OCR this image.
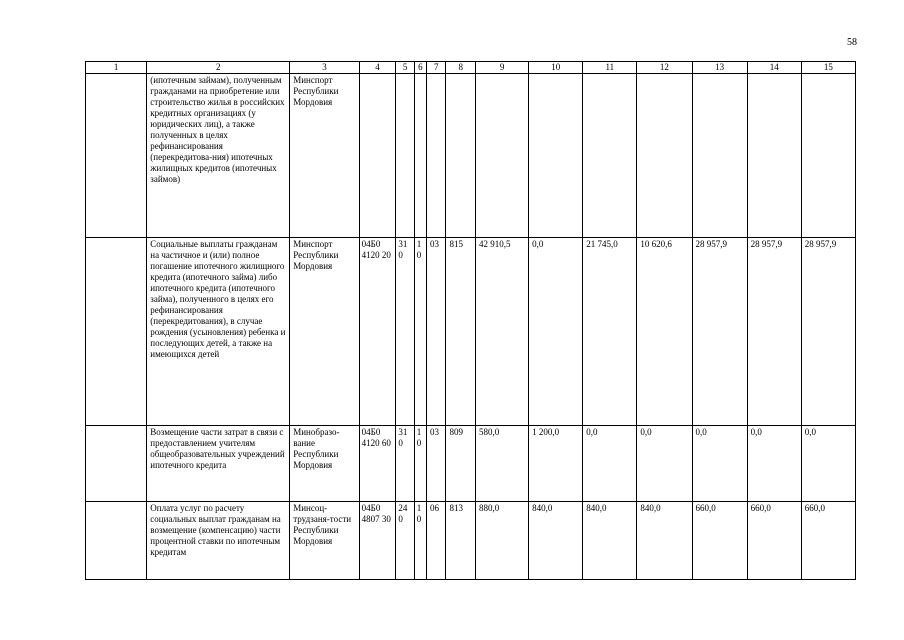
58
1	2	3	4	5	6	7	8	9	10	11	12	13	14	15
	(ипотечным займам), полученным гражданами на приобретение или строительство жилья в российских кредитных организациях (у юридических лиц), а также полученных в целях рефинансирования (перекредитова-ния) ипотечных жилищных кредитов (ипотечных займов)	Минспорт Республики Мордовия												
	Социальные выплаты гражданам на частичное и (или) полное погашение ипотечного жилищного кредита (ипотечного займа) либо ипотечного кредита (ипотечного займа), полученного в целях его рефинансирования (перекредитования), в случае рождения (усыновления) ребенка и последующих детей, а также на имеющихся детей	Минспорт Республики Мордовия	04Б0 4120 20	31 0	1 0	03	815	42 910,5	0,0	21 745,0	10 620,6	28 957,9	28 957,9	28 957,9
	Возмещение части затрат в связи с предоставлением учителям общеобразовательных учреждений ипотечного кредита	Минобразо-вание Республики Мордовия	04Б0 4120 60	31 0	1 0	03	809	580,0	1 200,0	0,0	0,0	0,0	0,0	0,0
	Оплата услуг по расчету социальных выплат гражданам на возмещение (компенсацию) части процентной ставки по ипотечным кредитам	Минсоц-трудзаня-тости Республики Мордовия	04Б0 4807 30	24 0	1 0	06	813	880,0	840,0	840,0	840,0	660,0	660,0	660,0
